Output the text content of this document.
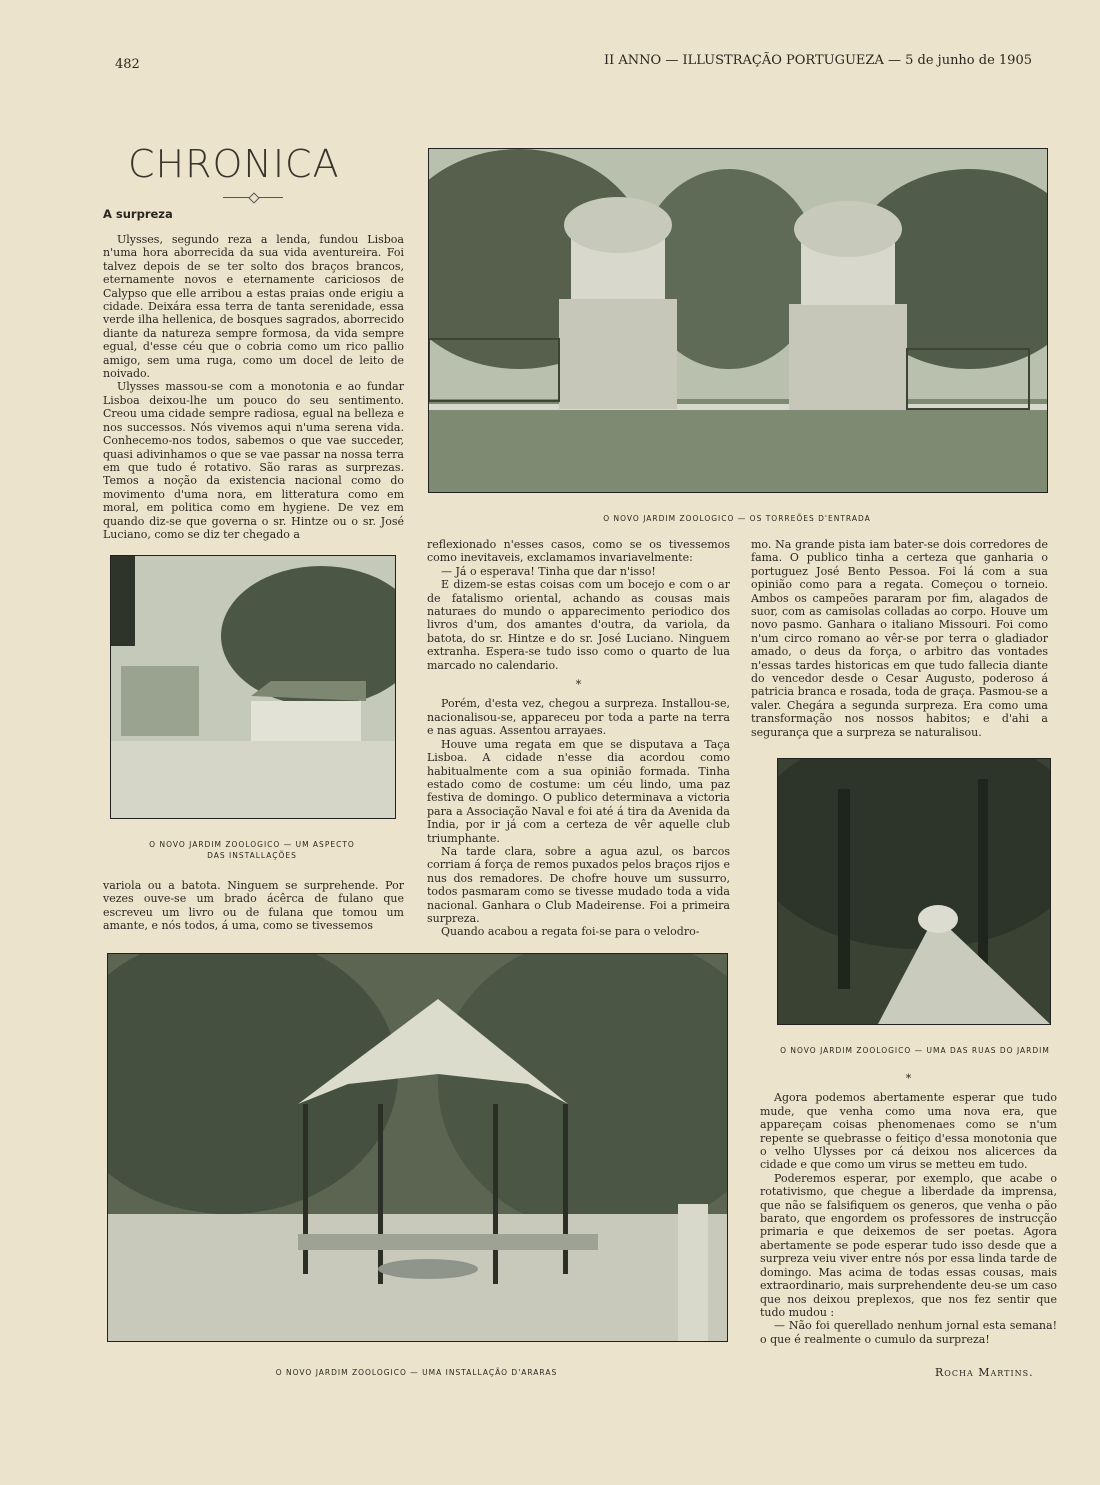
482	II ANNO — ILLUSTRAÇÃO PORTUGUEZA — 5 de junho de 1905
CHRONICA
A surpreza

Ulysses, segundo reza a lenda, fundou Lisboa n'uma hora aborrecida da sua vida aventureira. Foi talvez depois de se ter solto dos braços brancos, eternamente novos e eternamente cariciosos de Calypso que elle arribou a estas praias onde erigiu a cidade. Deixára essa terra de tanta serenidade, essa verde ilha hellenica, de bosques sagrados, aborrecido diante da natureza sempre formosa, da vida sempre egual, d'esse céu que o cobria como um rico pallio amigo, sem uma ruga, como um docel de leito de noivado.

Ulysses massou-se com a monotonia e ao fundar Lisboa deixou-lhe um pouco do seu sentimento. Creou uma cidade sempre radiosa, egual na belleza e nos successos. Nós vivemos aqui n'uma serena vida. Conhecemo-nos todos, sabemos o que vae succeder, quasi adivinhamos o que se vae passar na nossa terra em que tudo é rotativo. São raras as surprezas. Temos a noção da existencia nacional como do movimento d'uma nora, em litteratura como em moral, em politica como em hygiene. De vez em quando diz-se que governa o sr. Hintze ou o sr. José Luciano, como se diz ter chegado a

O NOVO JARDIM ZOOLOGICO — OS TORREÕES D'ENTRADA
O NOVO JARDIM ZOOLOGICO — UM ASPECTO
DAS INSTALLAÇÕES

variola ou a batota. Ninguem se surprehende. Por vezes ouve-se um brado ácêrca de fulano que escreveu um livro ou de fulana que tomou um amante, e nós todos, á uma, como se tivessemos

reflexionado n'esses casos, como se os tivessemos como inevitaveis, exclamamos invariavelmente:

— Já o esperava! Tinha que dar n'isso!

E dizem-se estas coisas com um bocejo e com o ar de fatalismo oriental, achando as cousas mais naturaes do mundo o apparecimento periodico dos livros d'um, dos amantes d'outra, da variola, da batota, do sr. Hintze e do sr. José Luciano. Ninguem extranha. Espera-se tudo isso como o quarto de lua marcado no calendario.

*

Porém, d'esta vez, chegou a surpreza. Installou-se, nacionalisou-se, appareceu por toda a parte na terra e nas aguas. Assentou arrayaes.

Houve uma regata em que se disputava a Taça Lisboa. A cidade n'esse dia acordou como habitualmente com a sua opinião formada. Tinha estado como de costume: um céu lindo, uma paz festiva de domingo. O publico determinava a victoria para a Associação Naval e foi até á tira da Avenida da India, por ir já com a certeza de vêr aquelle club triumphante.

Na tarde clara, sobre a agua azul, os barcos corriam á força de remos puxados pelos braços rijos e nus dos remadores. De chofre houve um sussurro, todos pasmaram como se tivesse mudado toda a vida nacional. Ganhara o Club Madeirense. Foi a primeira surpreza.

Quando acabou a regata foi-se para o velodro-

mo. Na grande pista iam bater-se dois corredores de fama. O publico tinha a certeza que ganharia o portuguez José Bento Pessoa. Foi lá com a sua opinião como para a regata. Começou o torneio. Ambos os campeões pararam por fim, alagados de suor, com as camisolas colladas ao corpo. Houve um novo pasmo. Ganhara o italiano Missouri. Foi como n'um circo romano ao vêr-se por terra o gladiador amado, o deus da força, o arbitro das vontades n'essas tardes historicas em que tudo fallecia diante do vencedor desde o Cesar Augusto, poderoso á patricia branca e rosada, toda de graça. Pasmou-se a valer. Chegára a segunda surpreza. Era como uma transformação nos nossos habitos; e d'ahi a segurança que a surpreza se naturalisou.

O NOVO JARDIM ZOOLOGICO — UMA DAS RUAS DO JARDIM
O NOVO JARDIM ZOOLOGICO — UMA INSTALLAÇÃO D'ARARAS

*

Agora podemos abertamente esperar que tudo mude, que venha como uma nova era, que appareçam coisas phenomenaes como se n'um repente se quebrasse o feitiço d'essa monotonia que o velho Ulysses por cá deixou nos alicerces da cidade e que como um virus se metteu em tudo.

Poderemos esperar, por exemplo, que acabe o rotativismo, que chegue a liberdade da imprensa, que não se falsifiquem os generos, que venha o pão barato, que engordem os professores de instrucção primaria e que deixemos de ser poetas. Agora abertamente se pode esperar tudo isso desde que a surpreza veiu viver entre nós por essa linda tarde de domingo. Mas acima de todas essas cousas, mais extraordinario, mais surprehendente deu-se um caso que nos deixou preplexos, que nos fez sentir que tudo mudou :

— Não foi querellado nenhum jornal esta semana! o que é realmente o cumulo da surpreza!

Rocha Martins.
